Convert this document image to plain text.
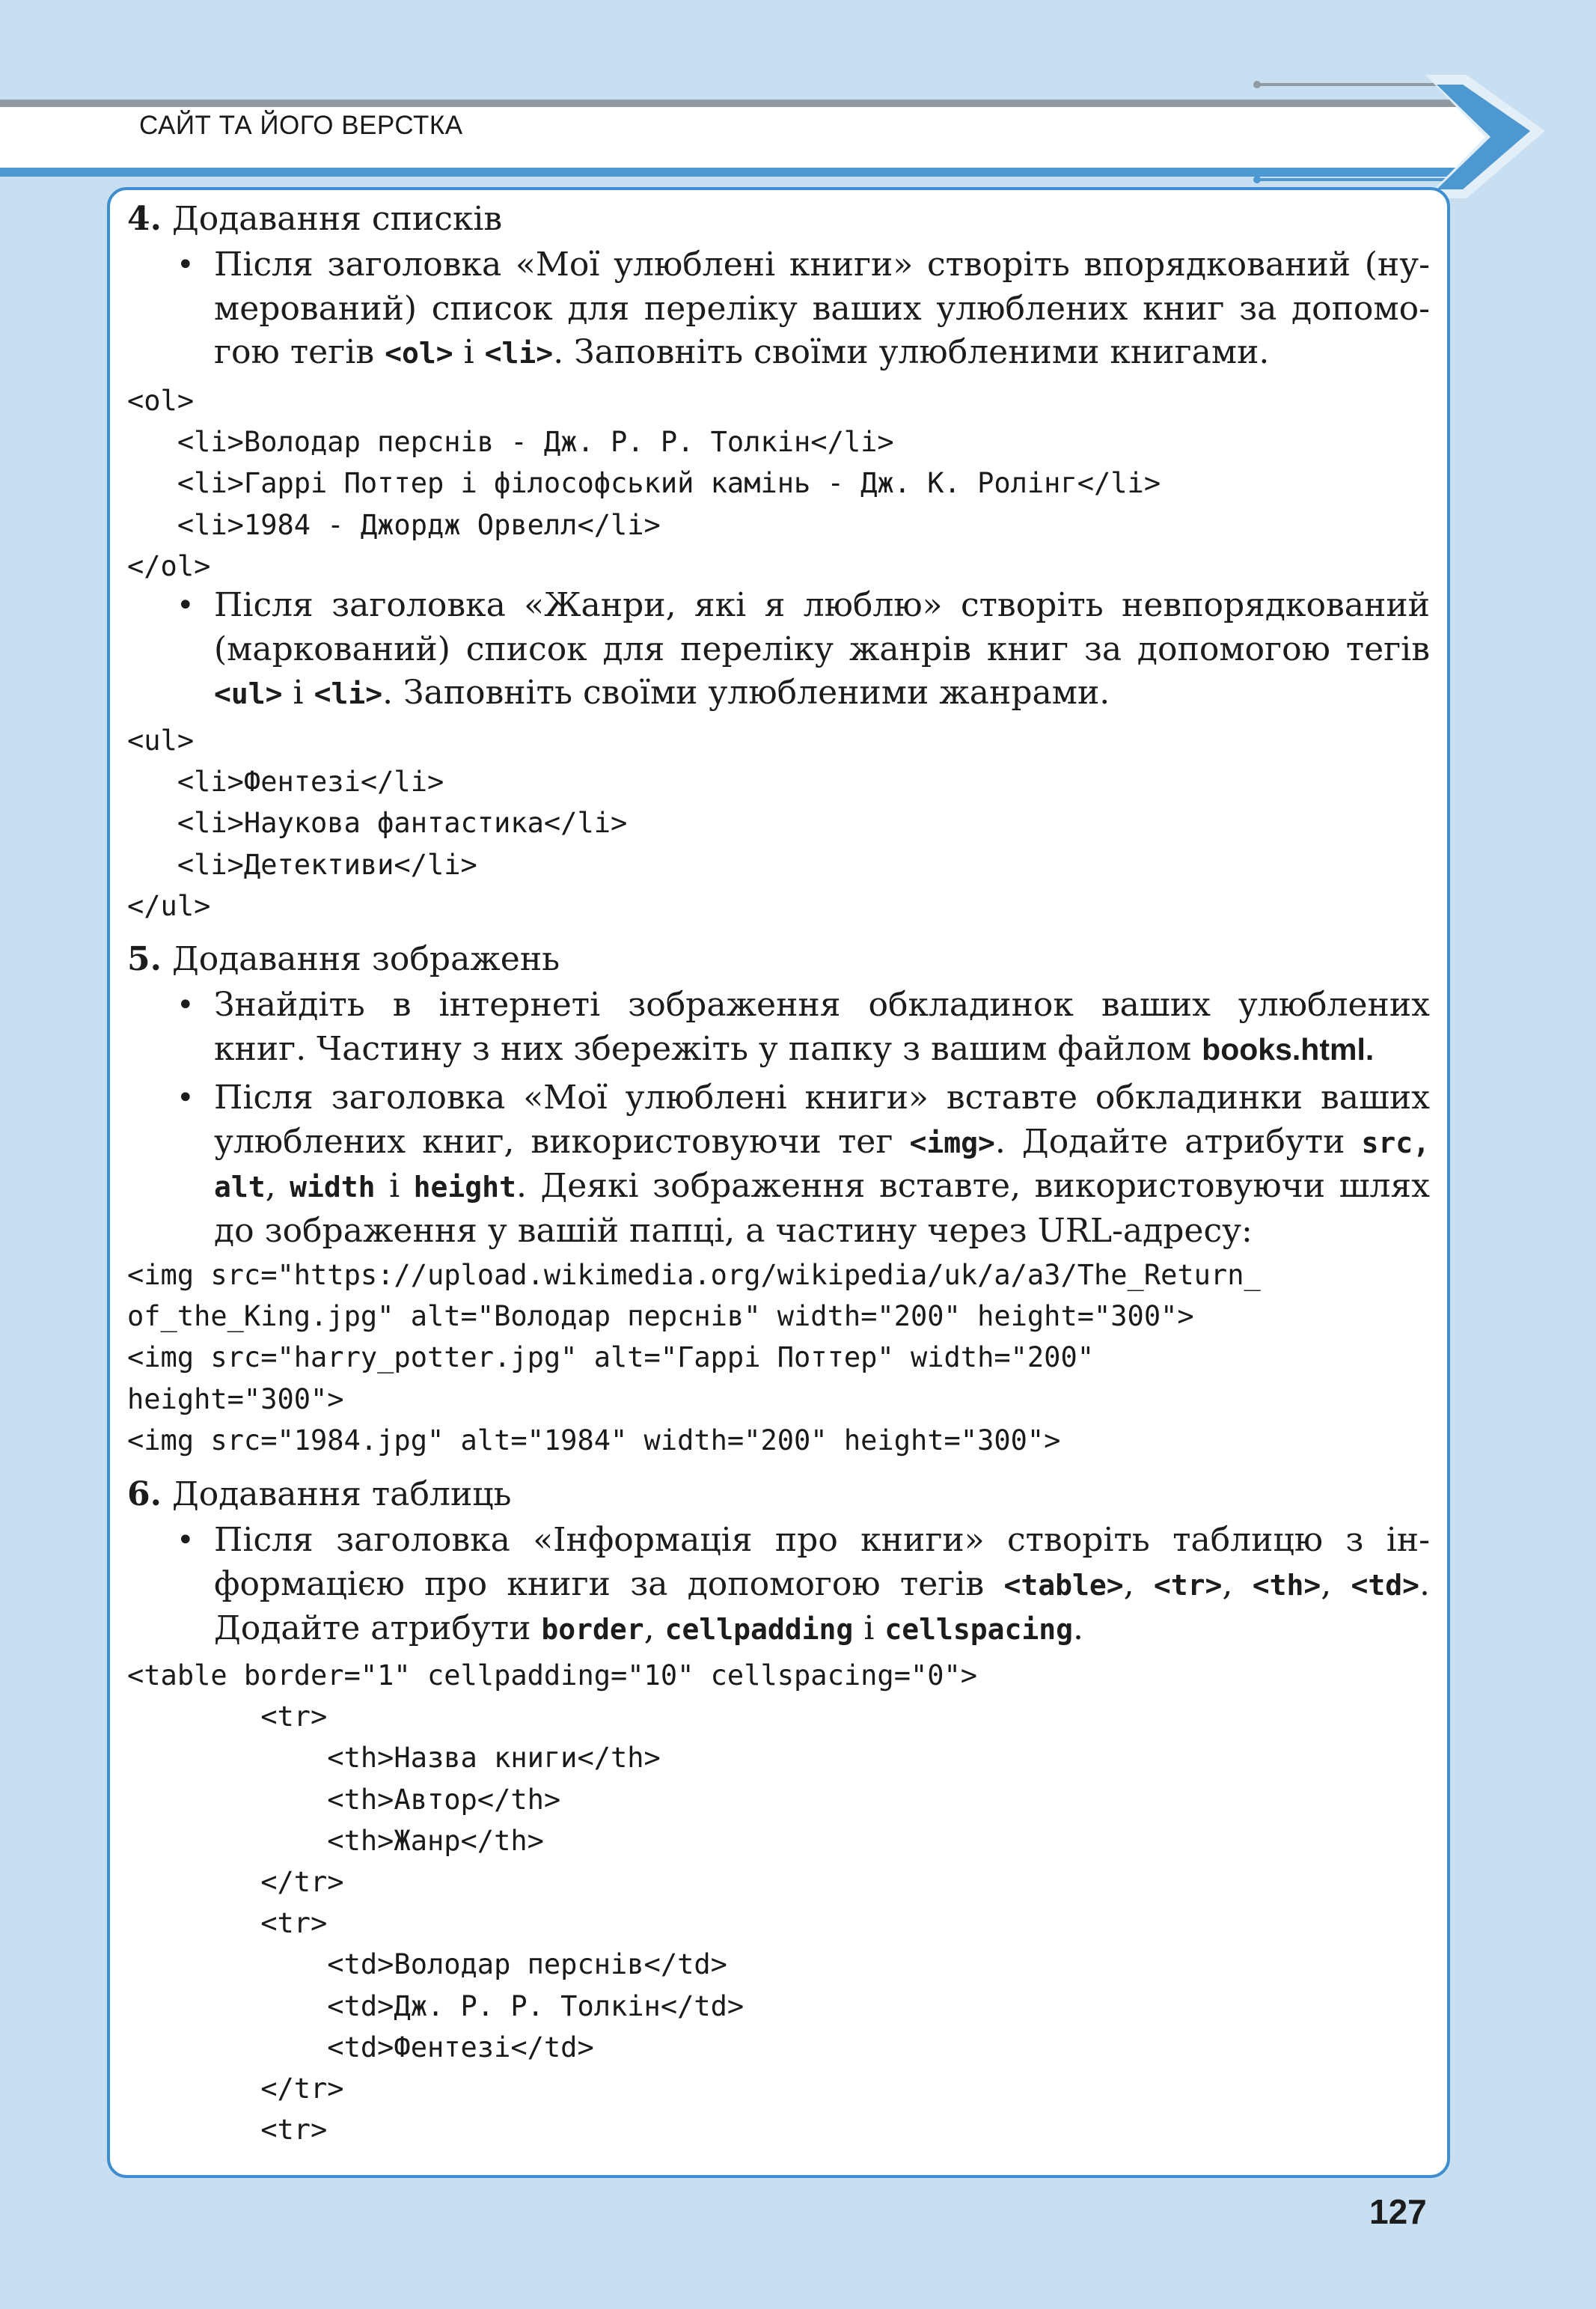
САЙТ ТА ЙОГО ВЕРСТКА
4. Додавання списків
• Після заголовка «Мої улюблені книги» створіть впорядкований (ну-
мерований) список для переліку ваших улюблених книг за допомо-
гою тегів <ol> і <li>. Заповніть своїми улюбленими книгами.
<ol>
<li>Володар перснів - Дж. Р. Р. Толкін</li>
<li>Гаррі Поттер і філософський камінь - Дж. К. Ролінг</li>
<li>1984 - Джордж Орвелл</li>
</ol>
• Після заголовка «Жанри, які я люблю» створіть невпорядкований
(маркований) список для переліку жанрів книг за допомогою тегів
<ul> і <li>. Заповніть своїми улюбленими жанрами.
<ul>
<li>Фентезі</li>
<li>Наукова фантастика</li>
<li>Детективи</li>
</ul>
5. Додавання зображень
• Знайдіть в інтернеті зображення обкладинок ваших улюблених
книг. Частину з них збережіть у папку з вашим файлом books.html.
• Після заголовка «Мої улюблені книги» вставте обкладинки ваших
улюблених книг, використовуючи тег <img>. Додайте атрибути src,
alt, width і height. Деякі зображення вставте, використовуючи шлях
до зображення у вашій папці, а частину через URL-адресу:
<img src="https://upload.wikimedia.org/wikipedia/uk/a/a3/The_Return_
of_the_King.jpg" alt="Володар перснів" width="200" height="300">
<img src="harry_potter.jpg" alt="Гаррі Поттер" width="200"
height="300">
<img src="1984.jpg" alt="1984" width="200" height="300">
6. Додавання таблиць
• Після заголовка «Інформація про книги» створіть таблицю з ін-
формацією про книги за допомогою тегів <table>, <tr>, <th>, <td>.
Додайте атрибути border, cellpadding і cellspacing.
<table border="1" cellpadding="10" cellspacing="0">
<tr>
<th>Назва книги</th>
<th>Автор</th>
<th>Жанр</th>
</tr>
<tr>
<td>Володар перснів</td>
<td>Дж. Р. Р. Толкін</td>
<td>Фентезі</td>
</tr>
<tr>
127
